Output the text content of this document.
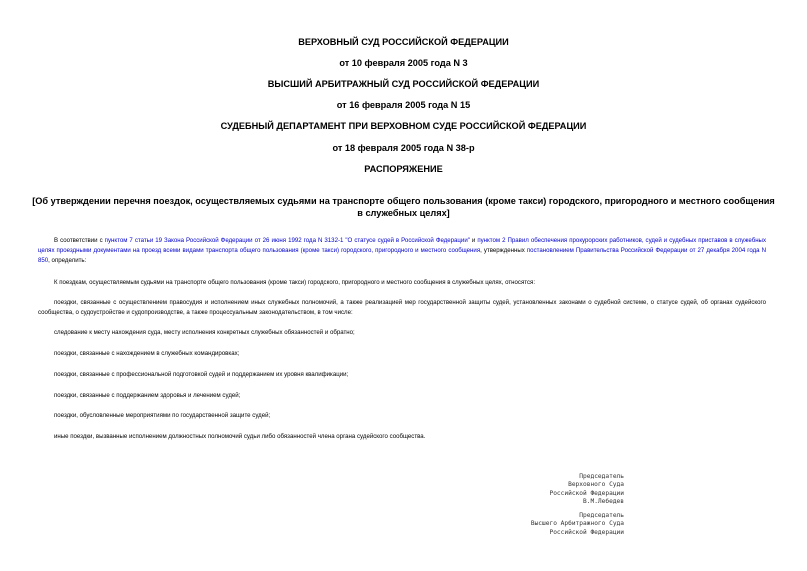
ВЕРХОВНЫЙ СУД РОССИЙСКОЙ ФЕДЕРАЦИИ
от 10 февраля 2005 года N 3
ВЫСШИЙ АРБИТРАЖНЫЙ СУД РОССИЙСКОЙ ФЕДЕРАЦИИ
от 16 февраля 2005 года N 15
СУДЕБНЫЙ ДЕПАРТАМЕНТ ПРИ ВЕРХОВНОМ СУДЕ РОССИЙСКОЙ ФЕДЕРАЦИИ
от 18 февраля 2005 года N 38-р
РАСПОРЯЖЕНИЕ
[Об утверждении перечня поездок, осуществляемых судьями на транспорте общего пользования (кроме такси) городского, пригородного и местного сообщения в служебных целях]
В соответствии с пунктом 7 статьи 19 Закона Российской Федерации от 26 июня 1992 года N 3132-1 "О статусе судей в Российской Федерации" и пунктом 2 Правил обеспечения прокурорских работников, судей и судебных приставов в служебных целях проездными документами на проезд всеми видами транспорта общего пользования (кроме такси) городского, пригородного и местного сообщения, утвержденных постановлением Правительства Российской Федерации от 27 декабря 2004 года N 850, определить:
К поездкам, осуществляемым судьями на транспорте общего пользования (кроме такси) городского, пригородного и местного сообщения в служебных целях, относятся:
поездки, связанные с осуществлением правосудия и исполнением иных служебных полномочий, а также реализацией мер государственной защиты судей, установленных законами о судебной системе, о статусе судей, об органах судейского сообщества, о судоустройстве и судопроизводстве, а также процессуальным законодательством, в том числе:
следование к месту нахождения суда, месту исполнения конкретных служебных обязанностей и обратно;
поездки, связанные с нахождением в служебных командировках;
поездки, связанные с профессиональной подготовкой судей и поддержанием их уровня квалификации;
поездки, связанные с поддержанием здоровья и лечением судей;
поездки, обусловленные мероприятиями по государственной защите судей;
иные поездки, вызванные исполнением должностных полномочий судьи либо обязанностей члена органа судейского сообщества.
Председатель
Верховного Суда
Российской Федерации
В.М.Лебедев
Председатель
Высшего Арбитражного Суда
Российской Федерации
